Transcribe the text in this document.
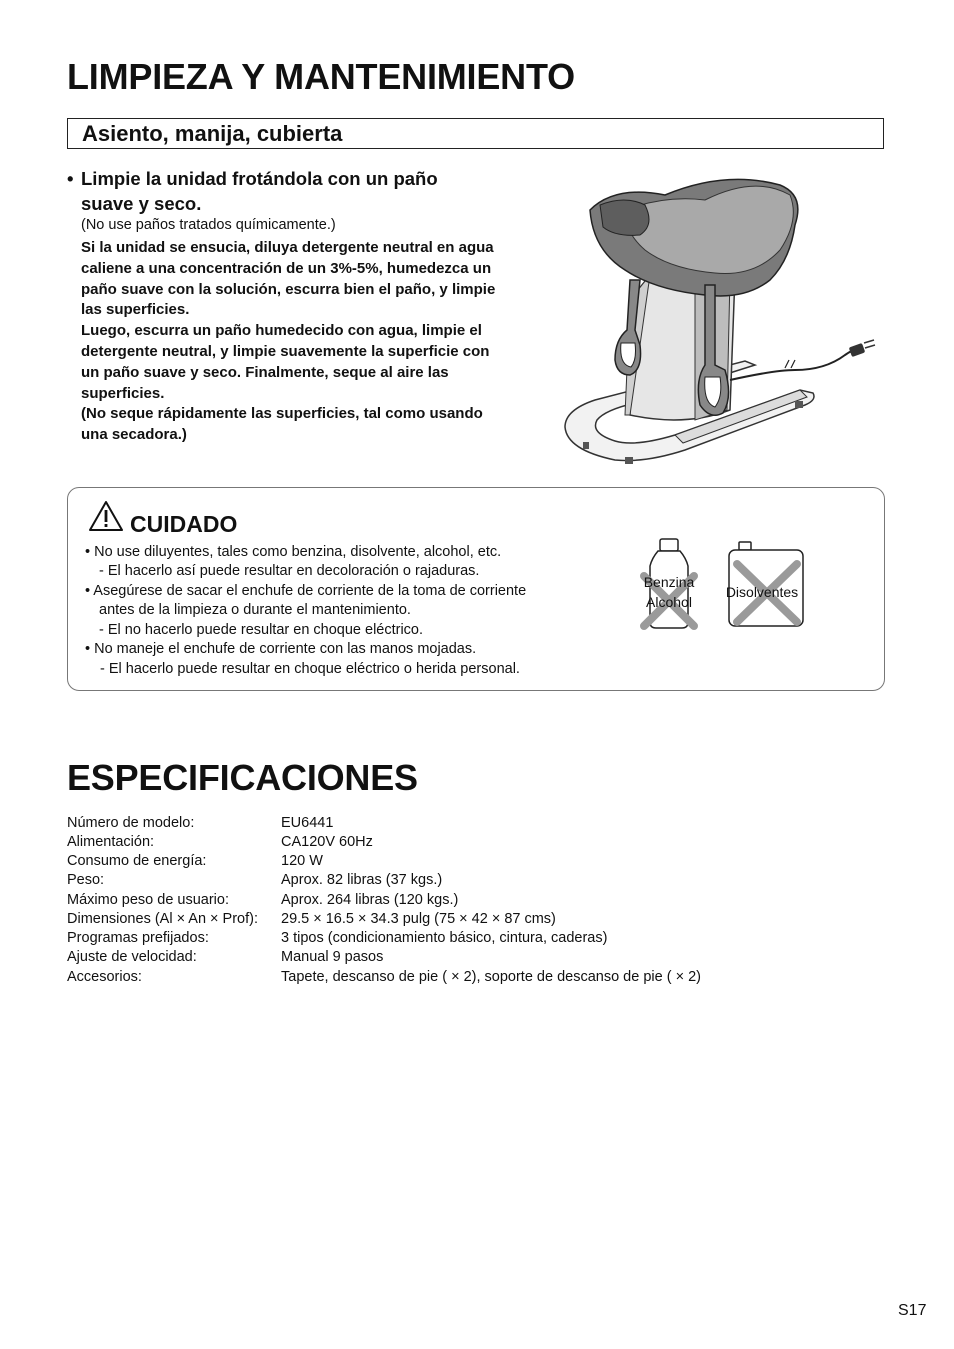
LIMPIEZA Y MANTENIMIENTO
Asiento, manija, cubierta
• Limpie la unidad frotándola con un paño
suave y seco.
(No use paños tratados químicamente.)
Si la unidad se ensucia, diluya detergente neutral en agua
caliene a una concentración de un 3%-5%, humedezca un
paño suave con la solución, escurra bien el paño, y limpie
las superficies.
Luego, escurra un paño humedecido con agua, limpie el
detergente neutral, y limpie suavemente la superficie con
un paño suave y seco. Finalmente, seque al aire las
superficies.
(No seque rápidamente las superficies, tal como usando
una secadora.)
CUIDADO
• No use diluyentes, tales como benzina, disolvente, alcohol, etc.
- El hacerlo así puede resultar en decoloración o rajaduras.
• Asegúrese de sacar el enchufe de corriente de la toma de corriente
antes de la limpieza o durante el mantenimiento.
- El no hacerlo puede resultar en choque eléctrico.
• No maneje el enchufe de corriente con las manos mojadas.
- El hacerlo puede resultar en choque eléctrico o herida personal.
Benzina
Alcohol
Disolventes
ESPECIFICACIONES
Número de modelo:	EU6441
Alimentación:	CA120V 60Hz
Consumo de energía:	120 W
Peso:	Aprox. 82 libras (37 kgs.)
Máximo peso de usuario:	Aprox. 264 libras (120 kgs.)
Dimensiones (Al × An × Prof): 29.5 × 16.5 × 34.3 pulg (75 × 42 × 87 cms)
Programas prefijados:	3 tipos (condicionamiento básico, cintura, caderas)
Ajuste de velocidad:	Manual 9 pasos
Accesorios:	Tapete, descanso de pie ( × 2), soporte de descanso de pie ( × 2)
S17
